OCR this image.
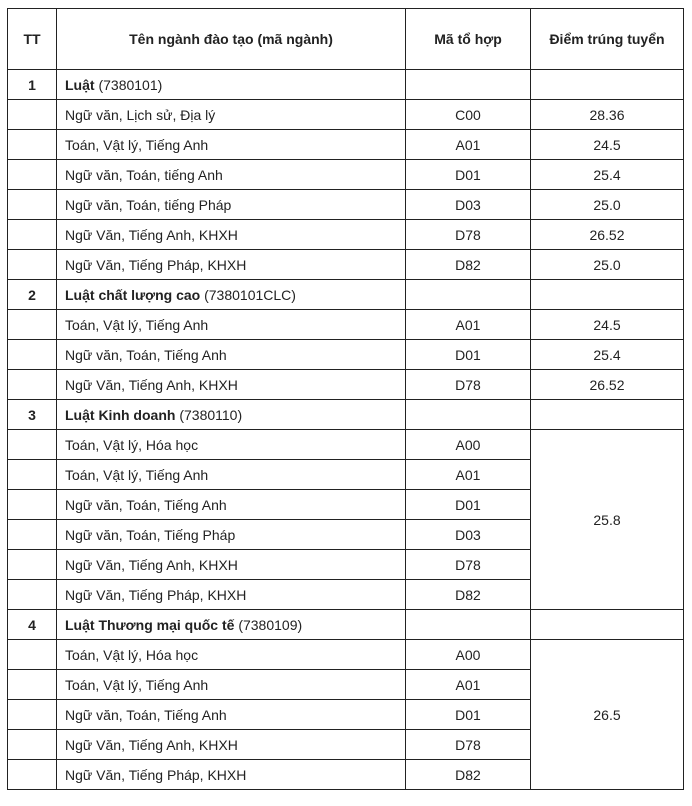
TT	Tên ngành đào tạo (mã ngành)	Mã tổ hợp	Điểm trúng tuyển
1	Luật (7380101)		
	Ngữ văn, Lịch sử, Địa lý	C00	28.36
	Toán, Vật lý, Tiếng Anh	A01	24.5
	Ngữ văn, Toán, tiếng Anh	D01	25.4
	Ngữ văn, Toán, tiếng Pháp	D03	25.0
	Ngữ Văn, Tiếng Anh, KHXH	D78	26.52
	Ngữ Văn, Tiếng Pháp, KHXH	D82	25.0
2	Luật chất lượng cao (7380101CLC)		
	Toán, Vật lý, Tiếng Anh	A01	24.5
	Ngữ văn, Toán, Tiếng Anh	D01	25.4
	Ngữ Văn, Tiếng Anh, KHXH	D78	26.52
3	Luật Kinh doanh (7380110)		
	Toán, Vật lý, Hóa học	A00	25.8
	Toán, Vật lý, Tiếng Anh	A01	
	Ngữ văn, Toán, Tiếng Anh	D01	
	Ngữ văn, Toán, Tiếng Pháp	D03	
	Ngữ Văn, Tiếng Anh, KHXH	D78	
	Ngữ Văn, Tiếng Pháp, KHXH	D82	
4	Luật Thương mại quốc tế (7380109)		
	Toán, Vật lý, Hóa học	A00	26.5
	Toán, Vật lý, Tiếng Anh	A01	
	Ngữ văn, Toán, Tiếng Anh	D01	
	Ngữ Văn, Tiếng Anh, KHXH	D78	
	Ngữ Văn, Tiếng Pháp, KHXH	D82	
